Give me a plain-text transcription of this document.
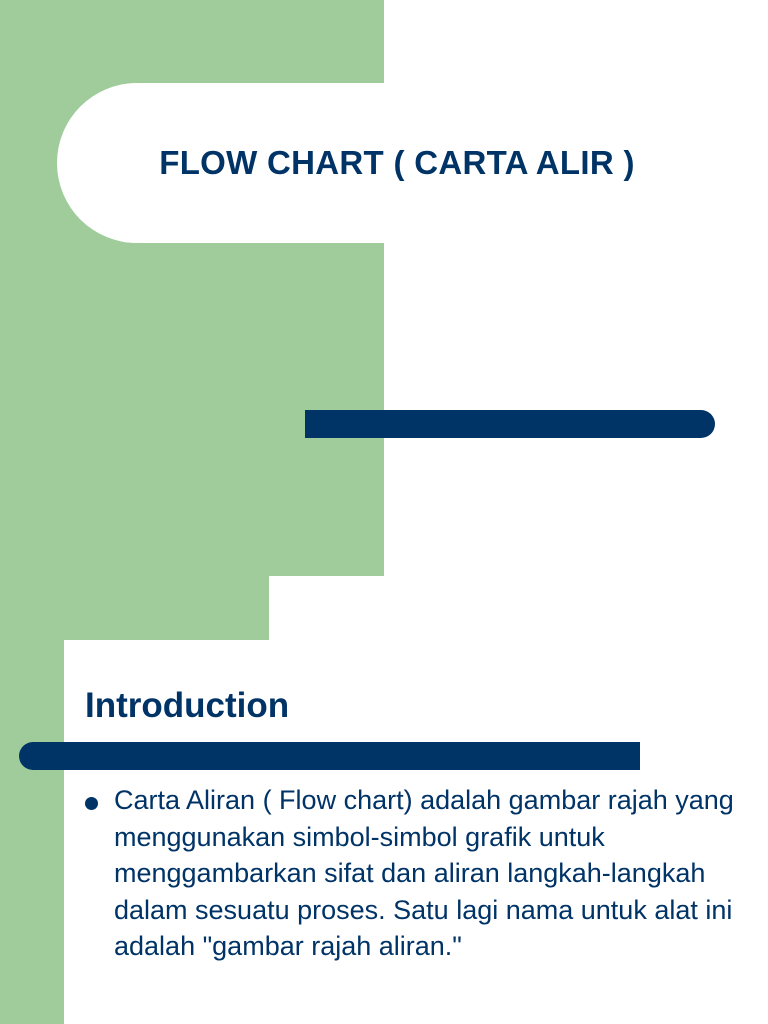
FLOW CHART ( CARTA ALIR )
Introduction
Carta Aliran ( Flow chart) adalah gambar rajah yang menggunakan simbol-simbol grafik untuk menggambarkan sifat dan aliran langkah-langkah dalam sesuatu proses. Satu lagi nama untuk alat ini adalah "gambar rajah aliran."
